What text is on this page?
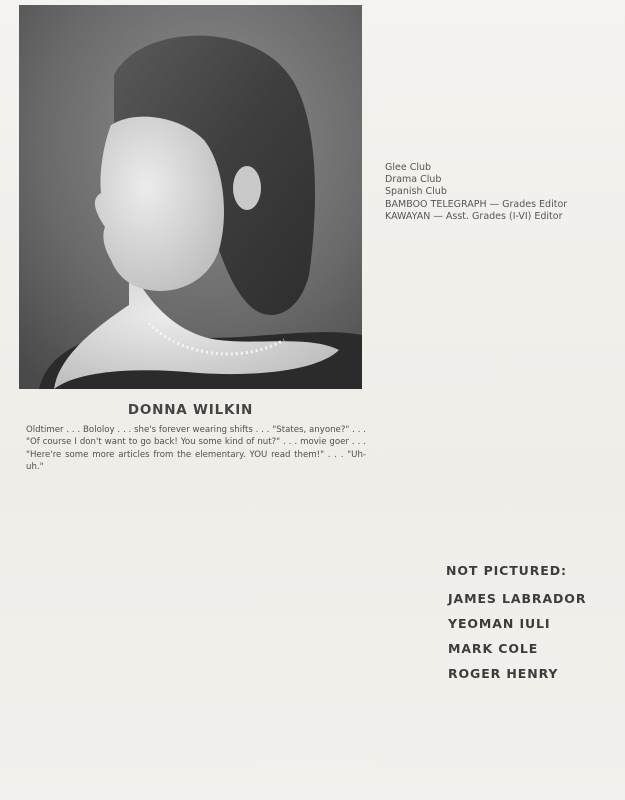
Glee Club
Drama Club
Spanish Club
BAMBOO TELEGRAPH — Grades Editor
KAWAYAN — Asst. Grades (I-VI) Editor
DONNA WILKIN
Oldtimer . . . Bololoy . . . she's forever wearing shifts . . . "States, anyone?" . . . "Of course I don't want to go back! You some kind of nut?" . . . movie goer . . . "Here're some more articles from the elementary. YOU read them!" . . . "Uh-uh."
NOT PICTURED:
JAMES LABRADOR
YEOMAN IULI
MARK COLE
ROGER HENRY
